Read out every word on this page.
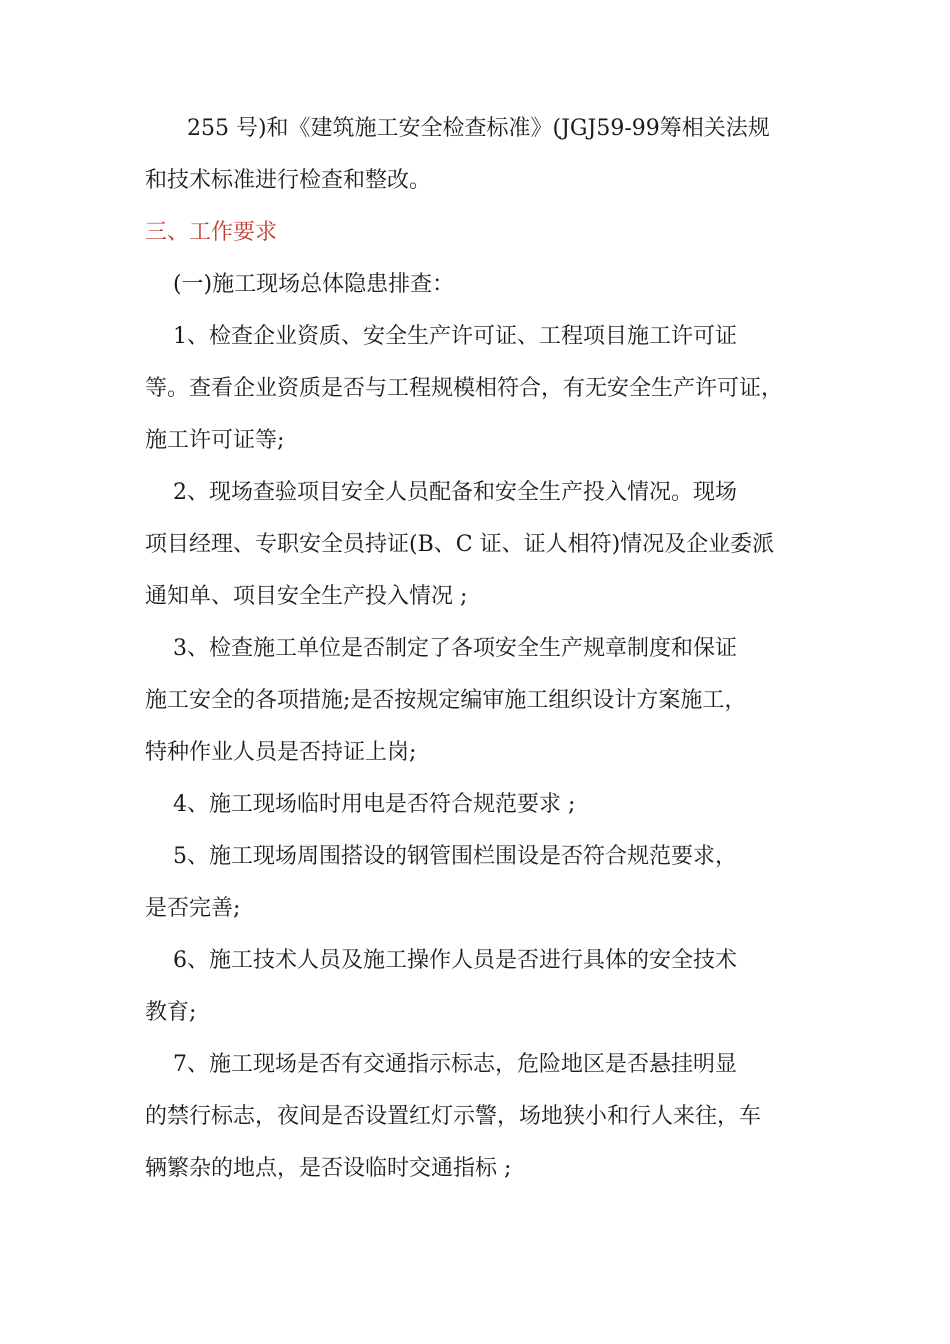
255 号)和《建筑施工安全检查标准》(JGJ59-99筹相关法规
和技术标准进行检查和整改。
三、工作要求
(一)施工现场总体隐患排查：
1、检查企业资质、安全生产许可证、工程项目施工许可证
等。查看企业资质是否与工程规模相符合，有无安全生产许可证，
施工许可证等;
2、现场查验项目安全人员配备和安全生产投入情况。现场
项目经理、专职安全员持证(B、C 证、证人相符)情况及企业委派
通知单、项目安全生产投入情况 ;
3、检查施工单位是否制定了各项安全生产规章制度和保证
施工安全的各项措施;是否按规定编审施工组织设计方案施工，
特种作业人员是否持证上岗;
4、施工现场临时用电是否符合规范要求 ;
5、施工现场周围搭设的钢管围栏围设是否符合规范要求，
是否完善;
6、施工技术人员及施工操作人员是否进行具体的安全技术
教育;
7、施工现场是否有交通指示标志，危险地区是否悬挂明显
的禁行标志，夜间是否设置红灯示警，场地狭小和行人来往，车
辆繁杂的地点，是否设临时交通指标 ;
